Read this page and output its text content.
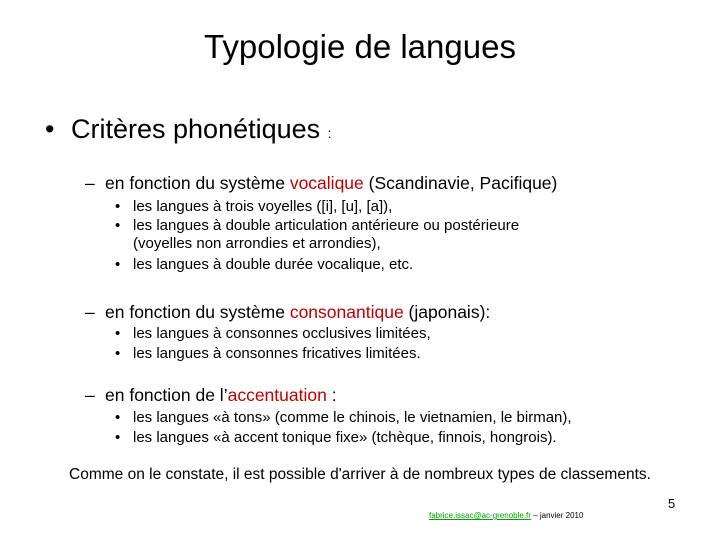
Typologie de langues
• Critères phonétiques :
– en fonction du système vocalique (Scandinavie, Pacifique)
• les langues à trois voyelles ([i], [u], [a]),
• les langues à double articulation antérieure ou postérieure
(voyelles non arrondies et arrondies),
• les langues à double durée vocalique, etc.
– en fonction du système consonantique (japonais):
• les langues à consonnes occlusives limitées,
• les langues à consonnes fricatives limitées.
– en fonction de l’accentuation :
• les langues «à tons» (comme le chinois, le vietnamien, le birman),
• les langues «à accent tonique fixe» (tchèque, finnois, hongrois).
Comme on le constate, il est possible d'arriver à de nombreux types de classements.
5
fabrice.issac@ac-grenoble.fr – janvier 2010
